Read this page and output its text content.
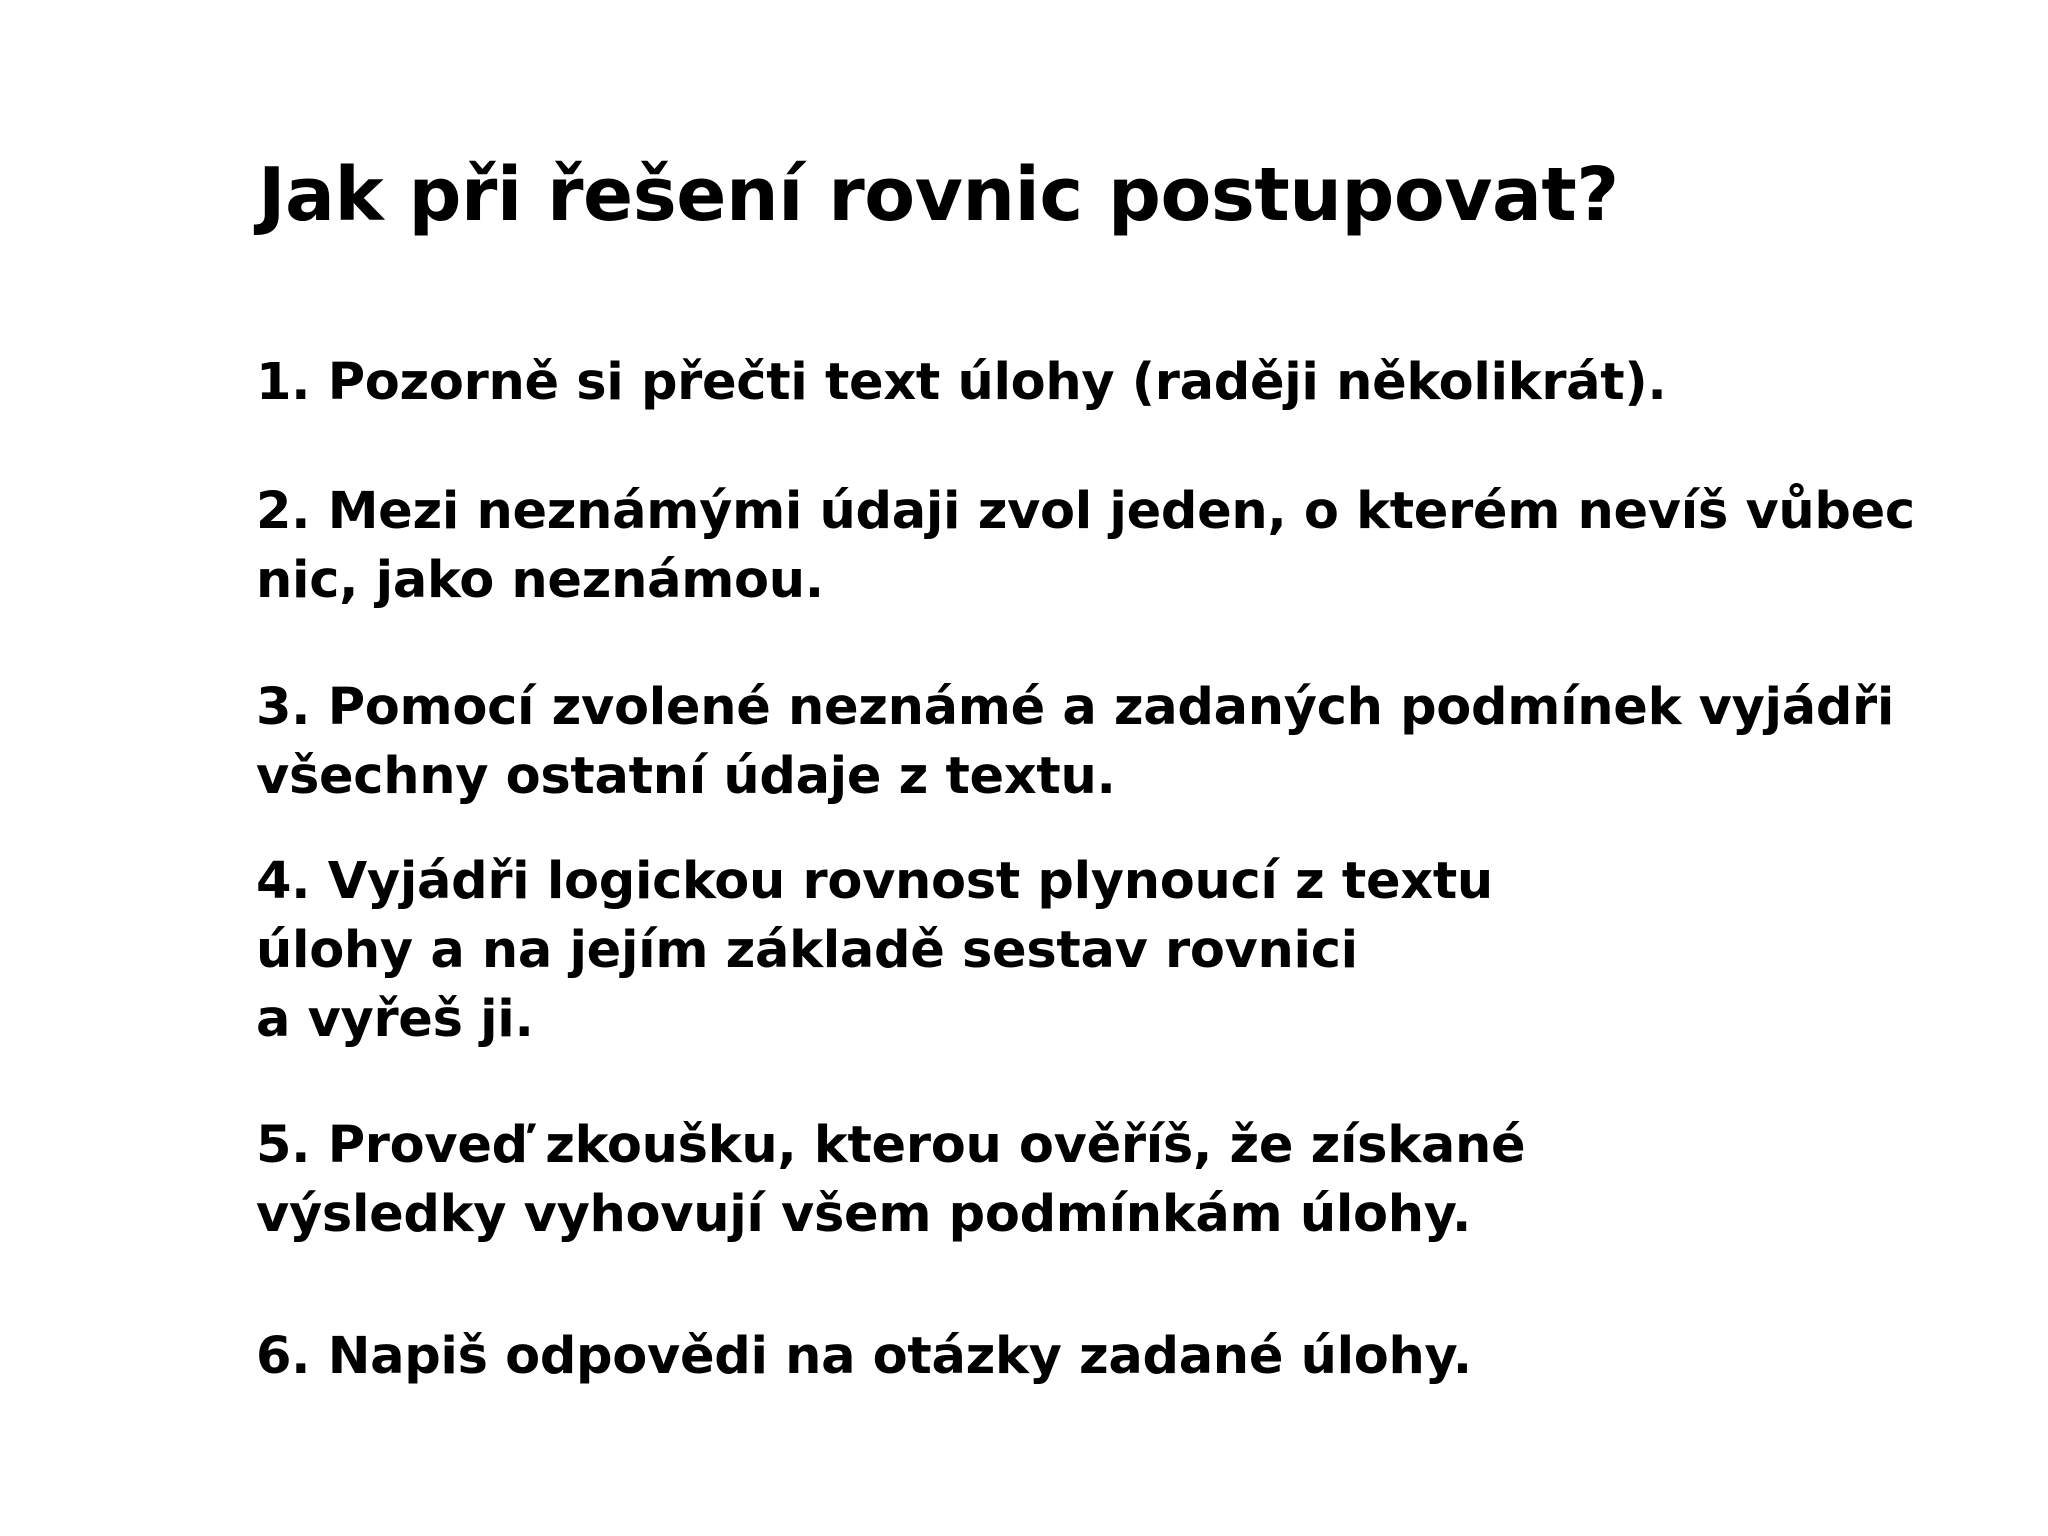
Jak při řešení rovnic postupovat?
1. Pozorně si přečti text úlohy (raději několikrát).
2. Mezi neznámými údaji zvol jeden, o kterém nevíš vůbec
nic, jako neznámou.
3. Pomocí zvolené neznámé a zadaných podmínek vyjádři
všechny ostatní údaje z textu.
4. Vyjádři logickou rovnost plynoucí z textu
úlohy a na jejím základě sestav rovnici
a vyřeš ji.
5. Proveď zkoušku, kterou ověříš, že získané
výsledky vyhovují všem podmínkám úlohy.
6. Napiš odpovědi na otázky zadané úlohy.
